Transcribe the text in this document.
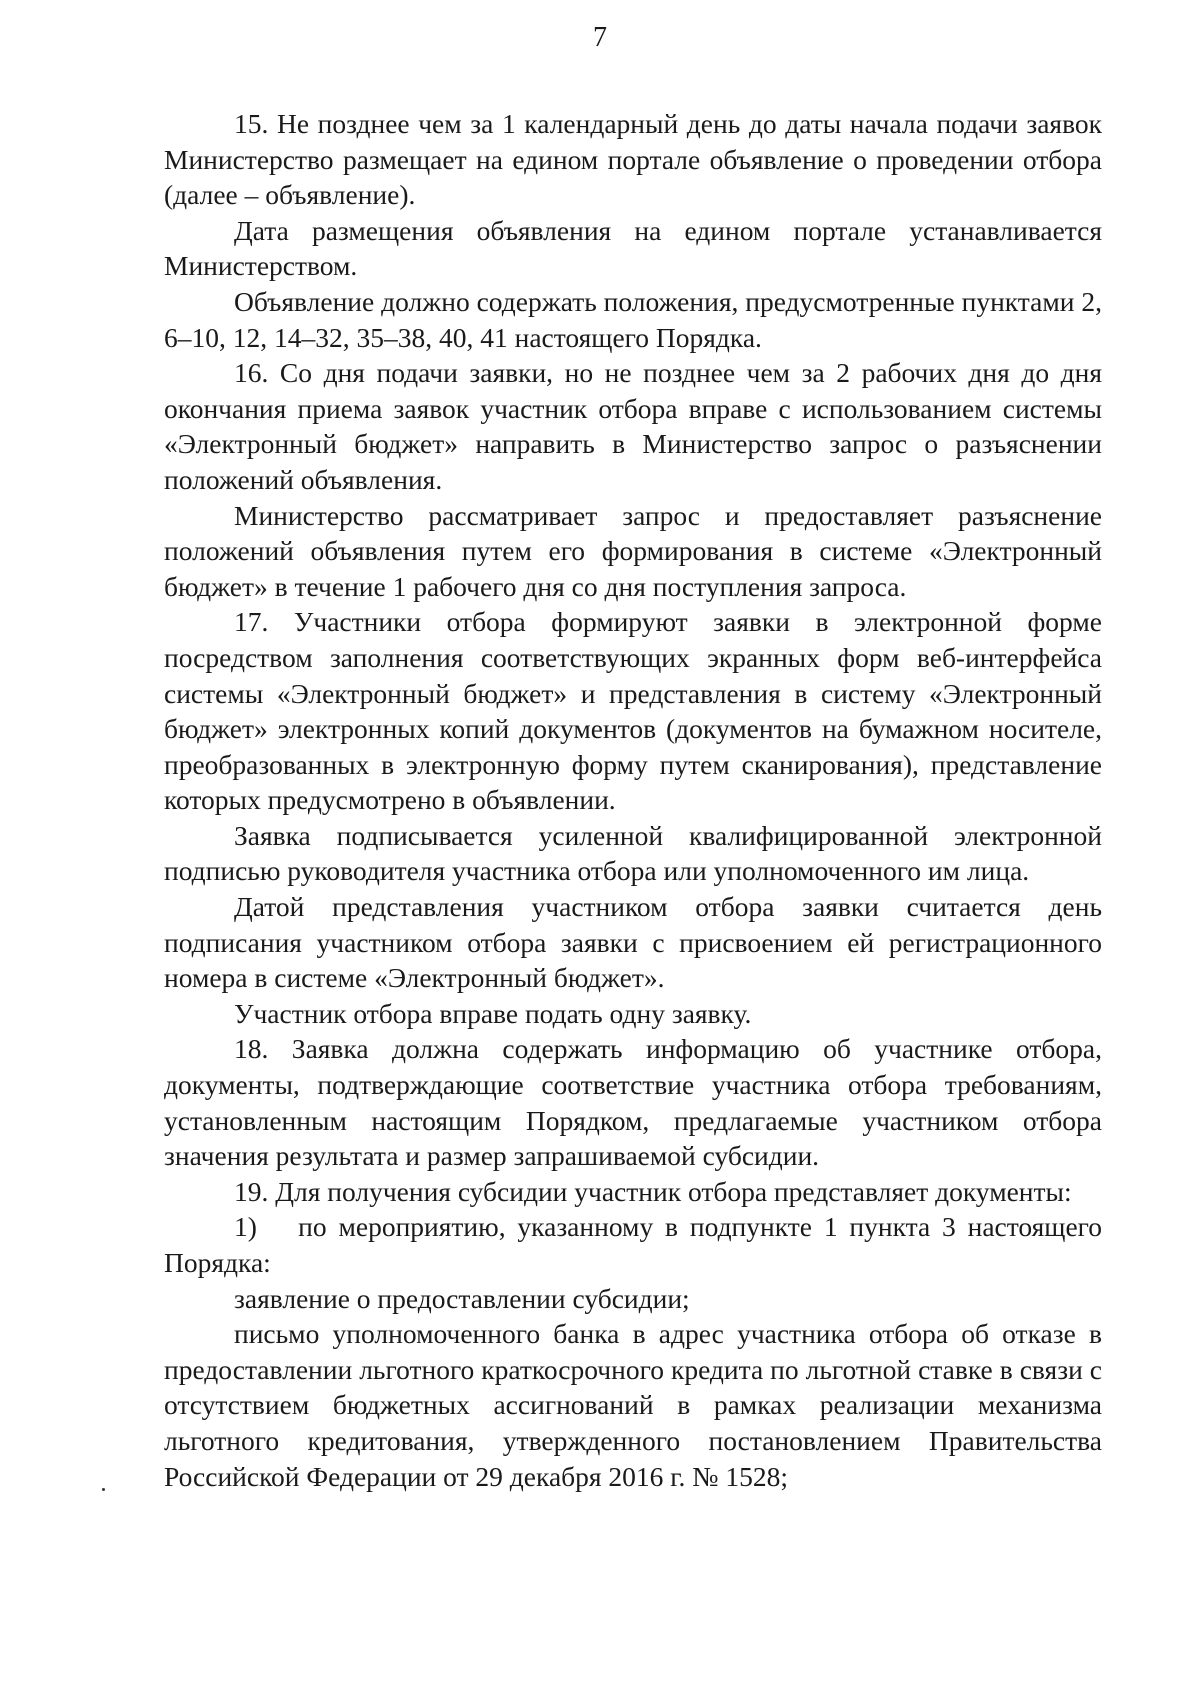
7

15. Не позднее чем за 1 календарный день до даты начала подачи заявок Министерство размещает на едином портале объявление о проведении отбора (далее – объявление).

Дата размещения объявления на едином портале устанавливается Министерством.

Объявление должно содержать положения, предусмотренные пунктами 2, 6–10, 12, 14–32, 35–38, 40, 41 настоящего Порядка.

16. Со дня подачи заявки, но не позднее чем за 2 рабочих дня до дня окончания приема заявок участник отбора вправе с использованием системы «Электронный бюджет» направить в Министерство запрос о разъяснении положений объявления.

Министерство рассматривает запрос и предоставляет разъяснение положений объявления путем его формирования в системе «Электронный бюджет» в течение 1 рабочего дня со дня поступления запроса.

17. Участники отбора формируют заявки в электронной форме посредством заполнения соответствующих экранных форм веб-интерфейса системы «Электронный бюджет» и представления в систему «Электронный бюджет» электронных копий документов (документов на бумажном носителе, преобразованных в электронную форму путем сканирования), представление которых предусмотрено в объявлении.

Заявка подписывается усиленной квалифицированной электронной подписью руководителя участника отбора или уполномоченного им лица.

Датой представления участником отбора заявки считается день подписания участником отбора заявки с присвоением ей регистрационного номера в системе «Электронный бюджет».

Участник отбора вправе подать одну заявку.

18. Заявка должна содержать информацию об участнике отбора, документы, подтверждающие соответствие участника отбора требованиям, установленным настоящим Порядком, предлагаемые участником отбора значения результата и размер запрашиваемой субсидии.

19. Для получения субсидии участник отбора представляет документы:

1)  по мероприятию, указанному в подпункте 1 пункта 3 настоящего Порядка:

заявление о предоставлении субсидии;

письмо уполномоченного банка в адрес участника отбора об отказе в предоставлении льготного краткосрочного кредита по льготной ставке в связи с отсутствием бюджетных ассигнований в рамках реализации механизма льготного кредитования, утвержденного постановлением Правительства Российской Федерации от 29 декабря 2016 г. № 1528;
